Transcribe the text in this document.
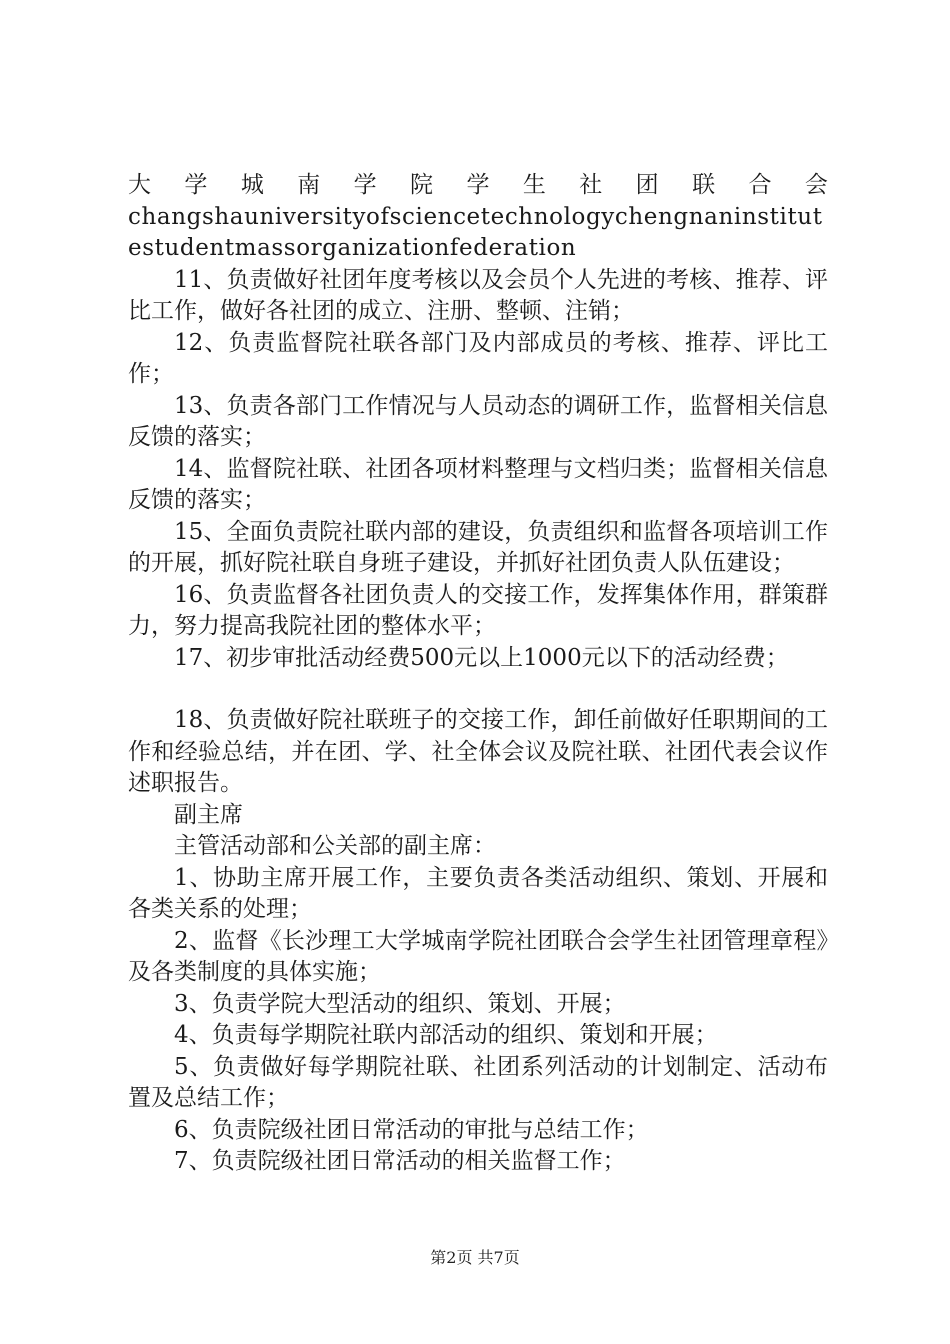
大 学 城 南 学 院 学 生 社 团 联 合 会
changshauniversityofsciencetechnologychengnaninstitutestudentmassorganizationfederation

11、负责做好社团年度考核以及会员个人先进的考核、推荐、评比工作，做好各社团的成立、注册、整顿、注销；

12、负责监督院社联各部门及内部成员的考核、推荐、评比工作；

13、负责各部门工作情况与人员动态的调研工作，监督相关信息反馈的落实；

14、监督院社联、社团各项材料整理与文档归类；监督相关信息反馈的落实；

15、全面负责院社联内部的建设，负责组织和监督各项培训工作的开展，抓好院社联自身班子建设，并抓好社团负责人队伍建设；

16、负责监督各社团负责人的交接工作，发挥集体作用，群策群力，努力提高我院社团的整体水平；

17、初步审批活动经费500元以上1000元以下的活动经费；

18、负责做好院社联班子的交接工作，卸任前做好任职期间的工作和经验总结，并在团、学、社全体会议及院社联、社团代表会议作述职报告。

副主席

主管活动部和公关部的副主席：

1、协助主席开展工作，主要负责各类活动组织、策划、开展和各类关系的处理；

2、监督《长沙理工大学城南学院社团联合会学生社团管理章程》及各类制度的具体实施；

3、负责学院大型活动的组织、策划、开展；

4、负责每学期院社联内部活动的组织、策划和开展；

5、负责做好每学期院社联、社团系列活动的计划制定、活动布置及总结工作；

6、负责院级社团日常活动的审批与总结工作；

7、负责院级社团日常活动的相关监督工作；

第2页 共7页
